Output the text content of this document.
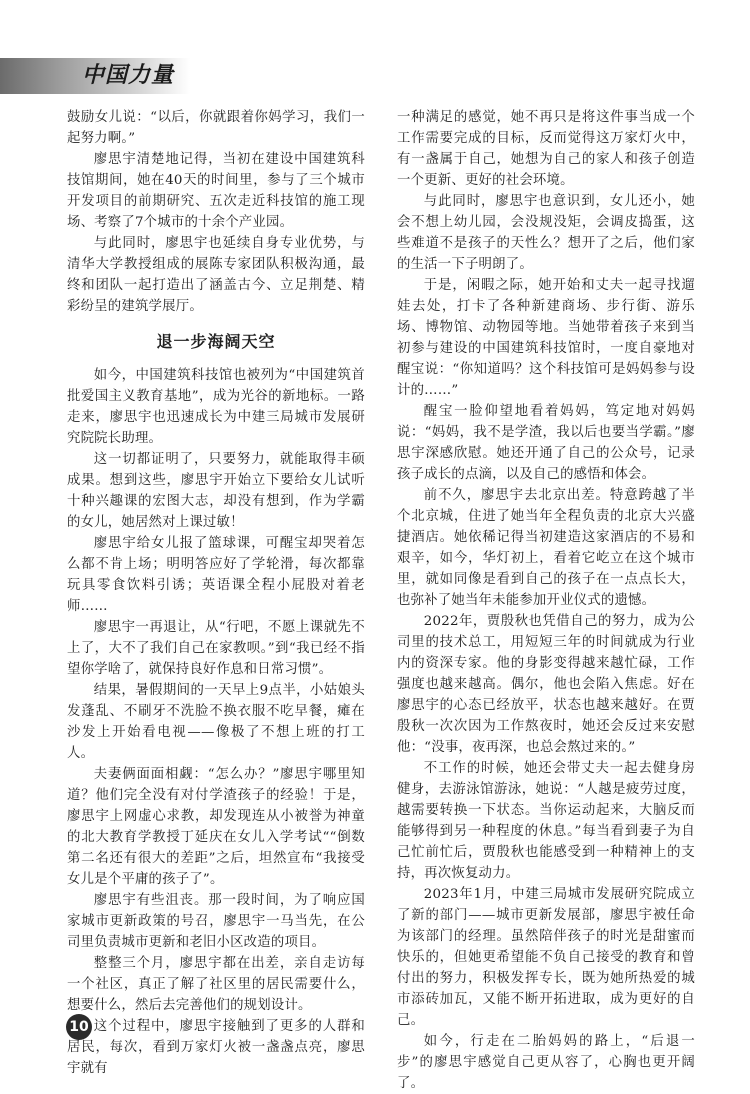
中国力量

鼓励女儿说：“以后，你就跟着你妈学习，我们一起努力啊。”

廖思宇清楚地记得，当初在建设中国建筑科技馆期间，她在40天的时间里，参与了三个城市开发项目的前期研究、五次走近科技馆的施工现场、考察了7个城市的十余个产业园。

与此同时，廖思宇也延续自身专业优势，与清华大学教授组成的展陈专家团队积极沟通，最终和团队一起打造出了涵盖古今、立足荆楚、精彩纷呈的建筑学展厅。

退一步海阔天空

如今，中国建筑科技馆也被列为“中国建筑首批爱国主义教育基地”，成为光谷的新地标。一路走来，廖思宇也迅速成长为中建三局城市发展研究院院长助理。

这一切都证明了，只要努力，就能取得丰硕成果。想到这些，廖思宇开始立下要给女儿试听十种兴趣课的宏图大志，却没有想到，作为学霸的女儿，她居然对上课过敏！

廖思宇给女儿报了篮球课，可醒宝却哭着怎么都不肯上场；明明答应好了学轮滑，每次都靠玩具零食饮料引诱；英语课全程小屁股对着老师……

廖思宇一再退让，从“行吧，不愿上课就先不上了，大不了我们自己在家教呗。”到“我已经不指望你学啥了，就保持良好作息和日常习惯”。

结果，暑假期间的一天早上9点半，小姑娘头发蓬乱、不刷牙不洗脸不换衣服不吃早餐，瘫在沙发上开始看电视——像极了不想上班的打工人。

夫妻俩面面相觑：“怎么办？”廖思宇哪里知道？他们完全没有对付学渣孩子的经验！于是，廖思宇上网虚心求教，却发现连从小被誉为神童的北大教育学教授丁延庆在女儿入学考试““倒数第二名还有很大的差距”之后，坦然宣布“我接受女儿是个平庸的孩子了”。

廖思宇有些沮丧。那一段时间，为了响应国家城市更新政策的号召，廖思宇一马当先，在公司里负责城市更新和老旧小区改造的项目。

整整三个月，廖思宇都在出差，亲自走访每一个社区，真正了解了社区里的居民需要什么，想要什么，然后去完善他们的规划设计。

这个过程中，廖思宇接触到了更多的人群和居民，每次，看到万家灯火被一盏盏点亮，廖思宇就有

一种满足的感觉，她不再只是将这件事当成一个工作需要完成的目标，反而觉得这万家灯火中，有一盏属于自己，她想为自己的家人和孩子创造一个更新、更好的社会环境。

与此同时，廖思宇也意识到，女儿还小，她会不想上幼儿园，会没规没矩，会调皮捣蛋，这些难道不是孩子的天性么？想开了之后，他们家的生活一下子明朗了。

于是，闲暇之际，她开始和丈夫一起寻找遛娃去处，打卡了各种新建商场、步行街、游乐场、博物馆、动物园等地。当她带着孩子来到当初参与建设的中国建筑科技馆时，一度自豪地对醒宝说：“你知道吗？这个科技馆可是妈妈参与设计的……”

醒宝一脸仰望地看着妈妈，笃定地对妈妈说：“妈妈，我不是学渣，我以后也要当学霸。”廖思宇深感欣慰。她还开通了自己的公众号，记录孩子成长的点滴，以及自己的感悟和体会。

前不久，廖思宇去北京出差。特意跨越了半个北京城，住进了她当年全程负责的北京大兴盛捷酒店。她依稀记得当初建造这家酒店的不易和艰辛，如今，华灯初上，看着它屹立在这个城市里，就如同像是看到自己的孩子在一点点长大，也弥补了她当年未能参加开业仪式的遗憾。

2022年，贾殷秋也凭借自己的努力，成为公司里的技术总工，用短短三年的时间就成为行业内的资深专家。他的身影变得越来越忙碌，工作强度也越来越高。偶尔，他也会陷入焦虑。好在廖思宇的心态已经放平，状态也越来越好。在贾殷秋一次次因为工作熬夜时，她还会反过来安慰他：“没事，夜再深，也总会熬过来的。”

不工作的时候，她还会带丈夫一起去健身房健身，去游泳馆游泳，她说：“人越是疲劳过度，越需要转换一下状态。当你运动起来，大脑反而能够得到另一种程度的休息。”每当看到妻子为自己忙前忙后，贾殷秋也能感受到一种精神上的支持，再次恢复动力。

2023年1月，中建三局城市发展研究院成立了新的部门——城市更新发展部，廖思宇被任命为该部门的经理。虽然陪伴孩子的时光是甜蜜而快乐的，但她更希望能不负自己接受的教育和曾付出的努力，积极发挥专长，既为她所热爱的城市添砖加瓦，又能不断开拓进取，成为更好的自己。

如今，行走在二胎妈妈的路上，“后退一步”的廖思宇感觉自己更从容了，心胸也更开阔了。

10
